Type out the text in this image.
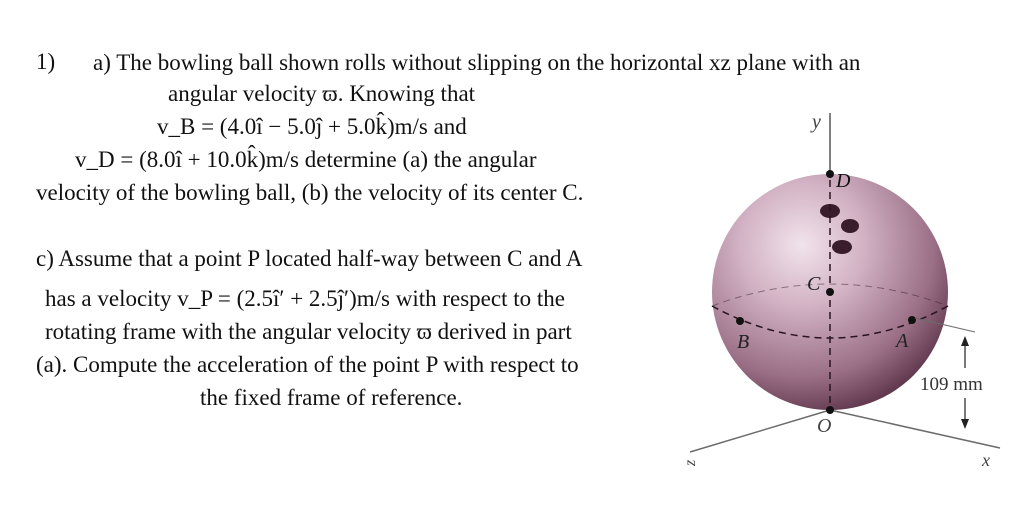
1) a) The bowling ball shown rolls without slipping on the horizontal xz plane with an
angular velocity ϖ. Knowing that
v_B = (4.0î − 5.0ĵ + 5.0k̂)m/s and
v_D = (8.0î + 10.0k̂)m/s determine (a) the angular
velocity of the bowling ball, (b) the velocity of its center C.
c) Assume that a point P located half-way between C and A
has a velocity v_P = (2.5î′ + 2.5ĵ′)m/s with respect to the
rotating frame with the angular velocity ϖ derived in part
(a). Compute the acceleration of the point P with respect to
the fixed frame of reference.
y
x
z
D
C
B	A
O
109 mm
